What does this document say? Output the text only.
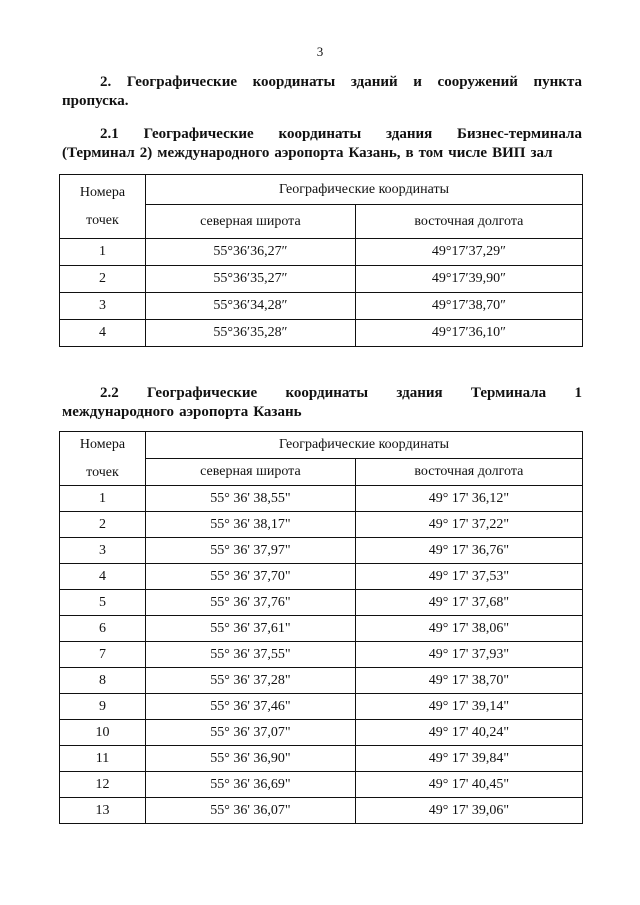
3
2. Географические координаты зданий и сооружений пункта
пропуска.
2.1 Географические координаты здания Бизнес-терминала
(Терминал 2) международного аэропорта Казань, в том числе ВИП зал
Номера
точек	Географические координаты	
	северная широта	восточная долгота
1	55°36′36,27″	49°17′37,29″
2	55°36′35,27″	49°17′39,90″
3	55°36′34,28″	49°17′38,70″
4	55°36′35,28″	49°17′36,10″
2.2 Географические координаты здания Терминала 1
международного аэропорта Казань
Номера
точек	Географические координаты	
	северная широта	восточная долгота
1	55° 36' 38,55"	49° 17' 36,12"
2	55° 36' 38,17"	49° 17' 37,22"
3	55° 36' 37,97"	49° 17' 36,76"
4	55° 36' 37,70"	49° 17' 37,53"
5	55° 36' 37,76"	49° 17' 37,68"
6	55° 36' 37,61"	49° 17' 38,06"
7	55° 36' 37,55"	49° 17' 37,93"
8	55° 36' 37,28"	49° 17' 38,70"
9	55° 36' 37,46"	49° 17' 39,14"
10	55° 36' 37,07"	49° 17' 40,24"
11	55° 36' 36,90"	49° 17' 39,84"
12	55° 36' 36,69"	49° 17' 40,45"
13	55° 36' 36,07"	49° 17' 39,06"
